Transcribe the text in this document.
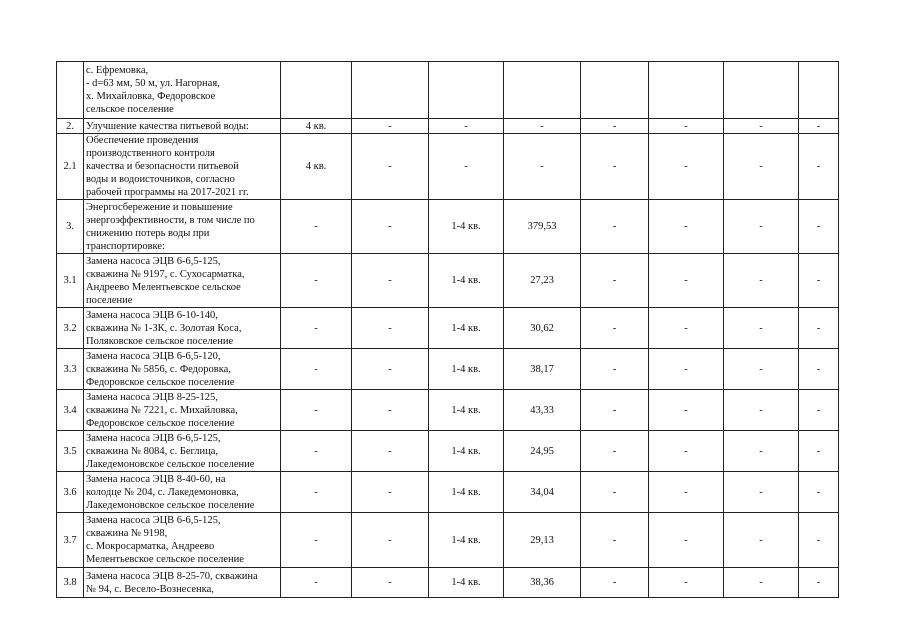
	с. Ефремовка,
- d=63 мм, 50 м, ул. Нагорная,
х. Михайловка, Федоровское
сельское поселение								
2.	Улучшение качества питьевой воды:	4 кв.	-	-	-	-	-	-	-
2.1	Обеспечение проведения
производственного контроля
качества и безопасности питьевой
воды и водоисточников, согласно
рабочей программы на 2017-2021 гг.	4 кв.	-	-	-	-	-	-	-
3.	Энергосбережение и повышение
энергоэффективности, в том числе по
снижению потерь воды при
транспортировке:	-	-	1-4 кв.	379,53	-	-	-	-
3.1	Замена насоса ЭЦВ 6-6,5-125,
скважина № 9197, с. Сухосарматка,
Андреево Мелентьевское сельское
поселение	-	-	1-4 кв.	27,23	-	-	-	-
3.2	Замена насоса ЭЦВ 6-10-140,
скважина № 1-ЗК, с. Золотая Коса,
Поляковское сельское поселение	-	-	1-4 кв.	30,62	-	-	-	-
3.3	Замена насоса ЭЦВ 6-6,5-120,
скважина № 5856, с. Федоровка,
Федоровское сельское поселение	-	-	1-4 кв.	38,17	-	-	-	-
3.4	Замена насоса ЭЦВ 8-25-125,
скважина № 7221, с. Михайловка,
Федоровское сельское поселение	-	-	1-4 кв.	43,33	-	-	-	-
3.5	Замена насоса ЭЦВ 6-6,5-125,
скважина № 8084, с. Беглица,
Лакедемоновское сельское поселение	-	-	1-4 кв.	24,95	-	-	-	-
3.6	Замена насоса ЭЦВ 8-40-60, на
колодце № 204, с. Лакедемоновка,
Лакедемоновское сельское поселение	-	-	1-4 кв.	34,04	-	-	-	-
3.7	Замена насоса ЭЦВ 6-6,5-125,
скважина № 9198,
с. Мокросарматка, Андреево
Мелентьевское сельское поселение	-	-	1-4 кв.	29,13	-	-	-	-
3.8	Замена насоса ЭЦВ 8-25-70, скважина
№ 94, с. Весело-Вознесенка,	-	-	1-4 кв.	38,36	-	-	-	-
